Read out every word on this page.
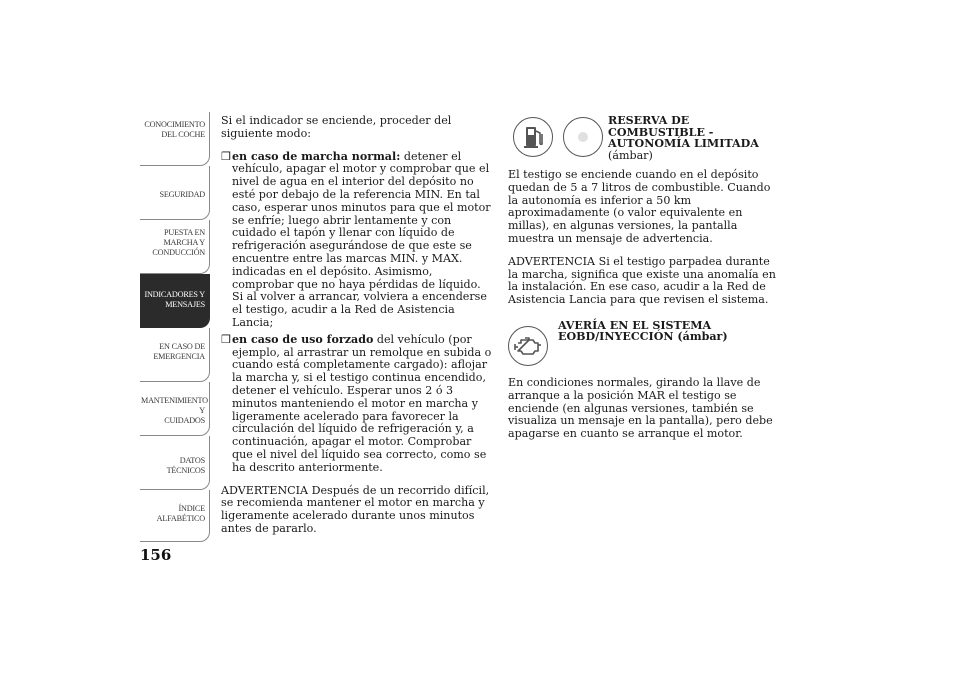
CONOCIMIENTO
DEL COCHE
SEGURIDAD
PUESTA EN
MARCHA Y
CONDUCCIÓN
INDICADORES Y
MENSAJES
EN CASO DE
EMERGENCIA
MANTENIMIENTO Y
CUIDADOS
DATOS TÉCNICOS
ÍNDICE
ALFABÉTICO
156

Si el indicador se enciende, proceder del siguiente modo:

❒ en caso de marcha normal: detener el vehículo, apagar el motor y comprobar que el nivel de agua en el interior del depósito no esté por debajo de la referencia MIN. En tal caso, esperar unos minutos para que el motor se enfríe; luego abrir lentamente y con cuidado el tapón y llenar con líquido de refrigeración asegurándose de que este se encuentre entre las marcas MIN. y MAX. indicadas en el depósito. Asimismo, comprobar que no haya pérdidas de líquido. Si al volver a arrancar, volviera a encenderse el testigo, acudir a la Red de Asistencia Lancia;
❒ en caso de uso forzado del vehículo (por ejemplo, al arrastrar un remolque en subida o cuando está completamente cargado): aflojar la marcha y, si el testigo continua encendido, detener el vehículo. Esperar unos 2 ó 3 minutos manteniendo el motor en marcha y ligeramente acelerado para favorecer la circulación del líquido de refrigeración y, a continuación, apagar el motor. Comprobar que el nivel del líquido sea correcto, como se ha descrito anteriormente.

ADVERTENCIA Después de un recorrido difícil, se recomienda mantener el motor en marcha y ligeramente acelerado durante unos minutos antes de pararlo.

RESERVA DE
COMBUSTIBLE -
AUTONOMÍA LIMITADA
(ámbar)

El testigo se enciende cuando en el depósito quedan de 5 a 7 litros de combustible. Cuando la autonomía es inferior a 50 km aproximadamente (o valor equivalente en millas), en algunas versiones, la pantalla muestra un mensaje de advertencia.

ADVERTENCIA Si el testigo parpadea durante la marcha, significa que existe una anomalía en la instalación. En ese caso, acudir a la Red de Asistencia Lancia para que revisen el sistema.

AVERÍA EN EL SISTEMA
EOBD/INYECCIÓN (ámbar)

En condiciones normales, girando la llave de arranque a la posición MAR el testigo se enciende (en algunas versiones, también se visualiza un mensaje en la pantalla), pero debe apagarse en cuanto se arranque el motor.
